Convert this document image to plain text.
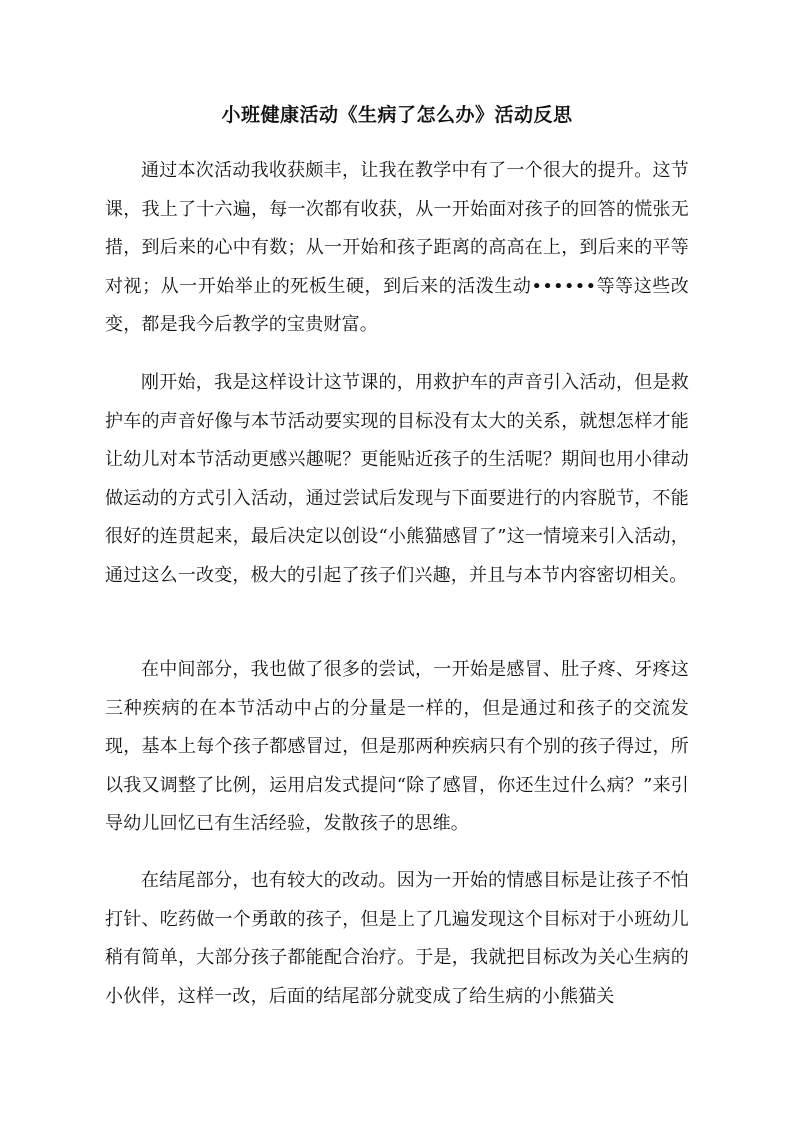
小班健康活动《生病了怎么办》活动反思

通过本次活动我收获颇丰，让我在教学中有了一个很大的提升。这节课，我上了十六遍，每一次都有收获，从一开始面对孩子的回答的慌张无措，到后来的心中有数；从一开始和孩子距离的高高在上，到后来的平等对视；从一开始举止的死板生硬，到后来的活泼生动••••••等等这些改变，都是我今后教学的宝贵财富。

刚开始，我是这样设计这节课的，用救护车的声音引入活动，但是救护车的声音好像与本节活动要实现的目标没有太大的关系，就想怎样才能让幼儿对本节活动更感兴趣呢？更能贴近孩子的生活呢？期间也用小律动做运动的方式引入活动，通过尝试后发现与下面要进行的内容脱节，不能很好的连贯起来，最后决定以创设“小熊猫感冒了”这一情境来引入活动，通过这么一改变，极大的引起了孩子们兴趣，并且与本节内容密切相关。

在中间部分，我也做了很多的尝试，一开始是感冒、肚子疼、牙疼这三种疾病的在本节活动中占的分量是一样的，但是通过和孩子的交流发现，基本上每个孩子都感冒过，但是那两种疾病只有个别的孩子得过，所以我又调整了比例，运用启发式提问“除了感冒，你还生过什么病？”来引导幼儿回忆已有生活经验，发散孩子的思维。

在结尾部分，也有较大的改动。因为一开始的情感目标是让孩子不怕打针、吃药做一个勇敢的孩子，但是上了几遍发现这个目标对于小班幼儿稍有简单，大部分孩子都能配合治疗。于是，我就把目标改为关心生病的小伙伴，这样一改，后面的结尾部分就变成了给生病的小熊猫关
